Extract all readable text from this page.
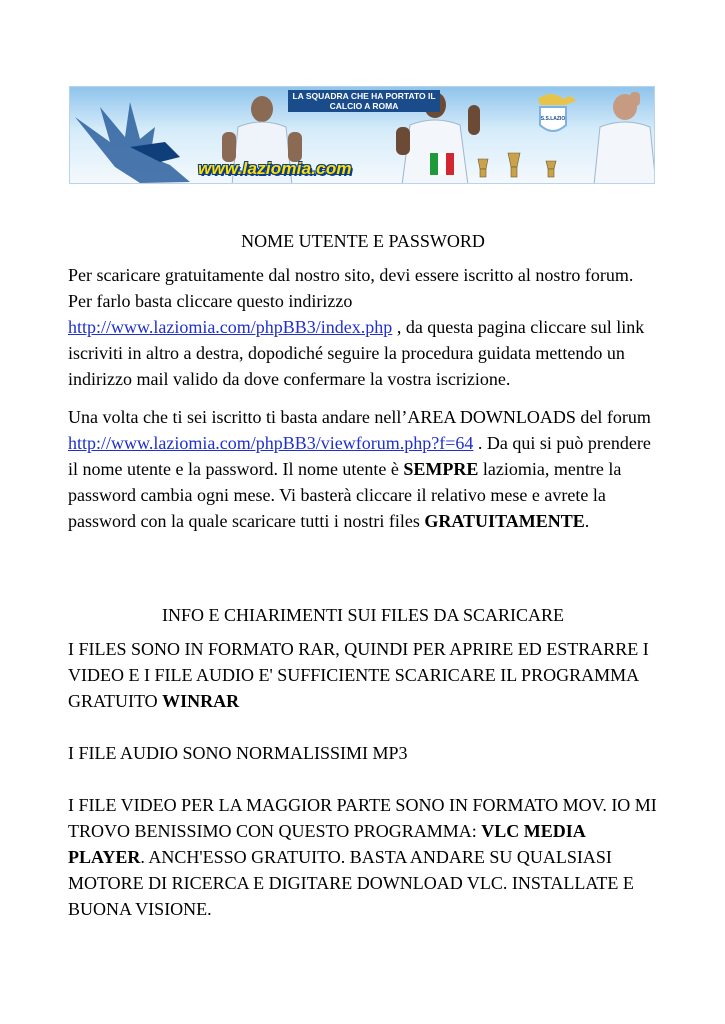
S.S.LAZIO
LA SQUADRA CHE HA PORTATO IL CALCIO A ROMA
www.laziomia.com

NOME UTENTE E PASSWORD

Per scaricare gratuitamente dal nostro sito, devi essere iscritto al nostro forum. Per farlo basta cliccare questo indirizzo http://www.laziomia.com/phpBB3/index.php , da questa pagina cliccare sul link iscriviti in altro a destra, dopodiché seguire la procedura guidata mettendo un indirizzo mail valido da dove confermare la vostra iscrizione.

Una volta che ti sei iscritto ti basta andare nell’AREA DOWNLOADS del forum http://www.laziomia.com/phpBB3/viewforum.php?f=64 . Da qui si può prendere il nome utente e la password. Il nome utente è SEMPRE laziomia, mentre la password cambia ogni mese. Vi basterà cliccare il relativo mese e avrete la password con la quale scaricare tutti i nostri files GRATUITAMENTE.

INFO E CHIARIMENTI SUI FILES DA SCARICARE

I FILES SONO IN FORMATO RAR, QUINDI PER APRIRE ED ESTRARRE I VIDEO E I FILE AUDIO E' SUFFICIENTE SCARICARE IL PROGRAMMA GRATUITO WINRAR

I FILE AUDIO SONO NORMALISSIMI MP3

I FILE VIDEO PER LA MAGGIOR PARTE SONO IN FORMATO MOV. IO MI TROVO BENISSIMO CON QUESTO PROGRAMMA: VLC MEDIA PLAYER. ANCH'ESSO GRATUITO. BASTA ANDARE SU QUALSIASI MOTORE DI RICERCA E DIGITARE DOWNLOAD VLC. INSTALLATE E BUONA VISIONE.
